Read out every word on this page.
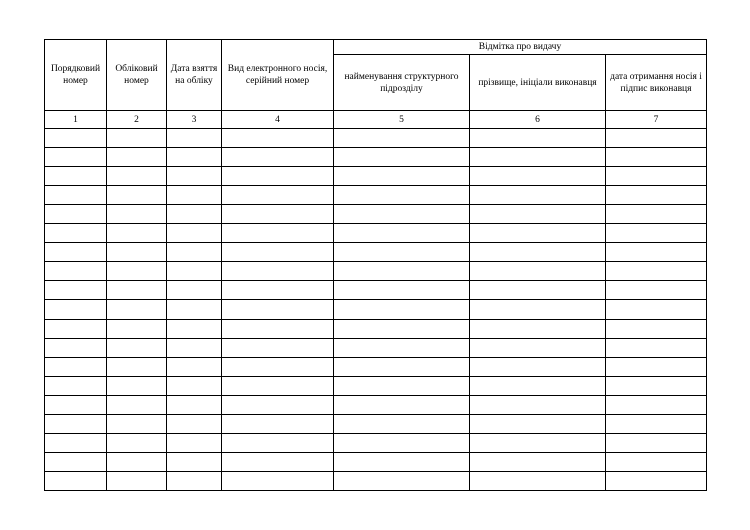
Порядковий номер	Обліковий номер	Дата взяття на обліку	Вид електронного носія, серійний номер	Відмітка про видачу		
				найменування структурного підрозділу	прізвище, ініціали виконавця	дата отримання носія і підпис виконавця
1	2	3	4	5	6	7
